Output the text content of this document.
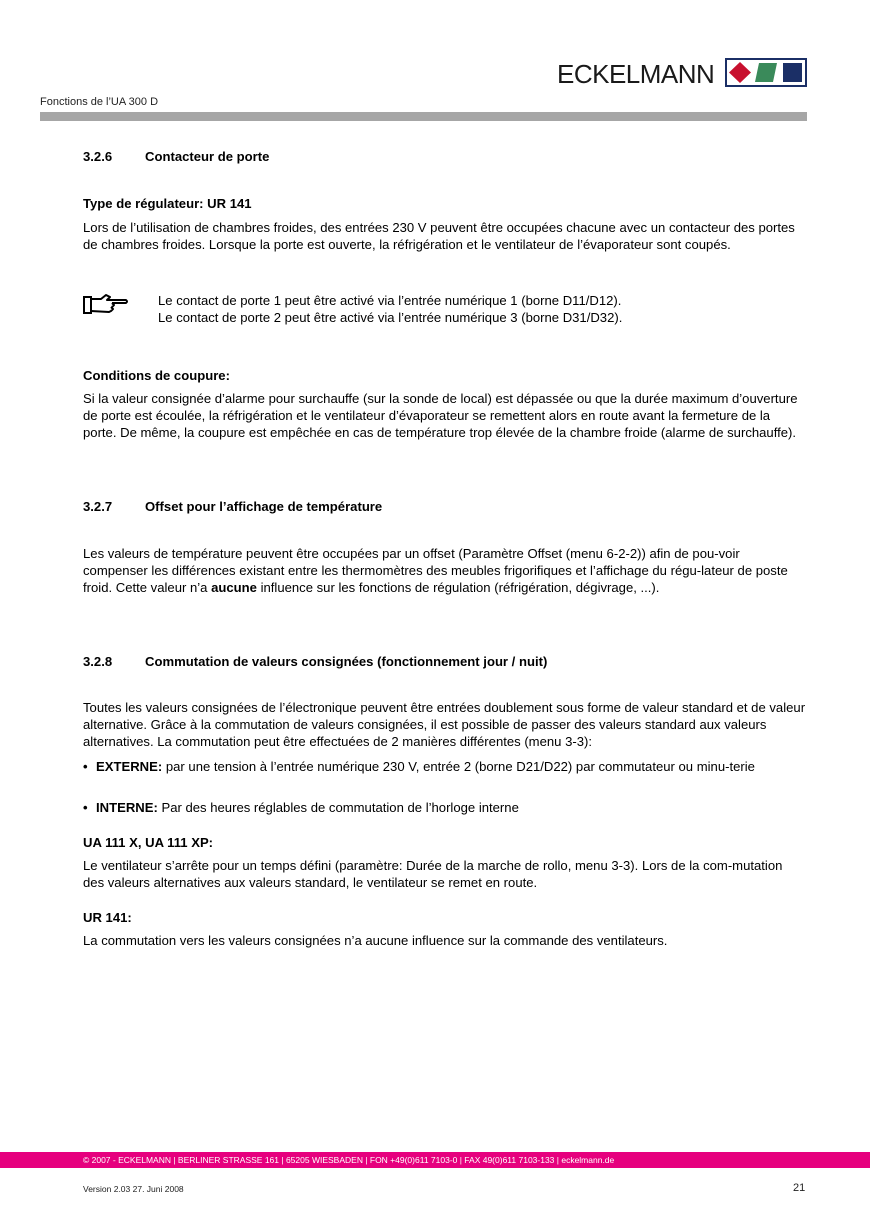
ECKELMANN
Fonctions de l’UA 300 D
3.2.6	Contacteur de porte
Type de régulateur: UR 141

Lors de l’utilisation de chambres froides, des entrées 230 V peuvent être occupées chacune avec un contacteur des portes de chambres froides. Lorsque la porte est ouverte, la réfrigération et le ventilateur de l’évaporateur sont coupés.

Le contact de porte 1 peut être activé via l’entrée numérique 1 (borne D11/D12).
Le contact de porte 2 peut être activé via l’entrée numérique 3 (borne D31/D32).
Conditions de coupure:

Si la valeur consignée d’alarme pour surchauffe (sur la sonde de local) est dépassée ou que la durée maximum d’ouverture de porte est écoulée, la réfrigération et le ventilateur d’évaporateur se remettent alors en route avant la fermeture de la porte. De même, la coupure est empêchée en cas de température trop élevée de la chambre froide (alarme de surchauffe).

3.2.7	Offset pour l’affichage de température

Les valeurs de température peuvent être occupées par un offset (Paramètre Offset (menu 6-2-2)) afin de pou-voir compenser les différences existant entre les thermomètres des meubles frigorifiques et l’affichage du régu-lateur de poste froid. Cette valeur n’a aucune influence sur les fonctions de régulation (réfrigération, dégivrage, ...).

3.2.8	Commutation de valeurs consignées (fonctionnement jour / nuit)

Toutes les valeurs consignées de l’électronique peuvent être entrées doublement sous forme de valeur standard et de valeur alternative. Grâce à la commutation de valeurs consignées, il est possible de passer des valeurs standard aux valeurs alternatives. La commutation peut être effectuées de 2 manières différentes (menu 3-3):

• EXTERNE: par une tension à l’entrée numérique 230 V, entrée 2 (borne D21/D22) par commutateur ou minu-terie
• INTERNE: Par des heures réglables de commutation de l’horloge interne
UA 111 X, UA 111 XP:

Le ventilateur s’arrête pour un temps défini (paramètre: Durée de la marche de rollo, menu 3-3). Lors de la com-mutation des valeurs alternatives aux valeurs standard, le ventilateur se remet en route.

UR 141:

La commutation vers les valeurs consignées n’a aucune influence sur la commande des ventilateurs.

© 2007 - ECKELMANN | BERLINER STRASSE 161 | 65205 WIESBADEN | FON +49(0)611 7103-0 | FAX 49(0)611 7103-133 | eckelmann.de
Version 2.03 27. Juni 2008	21
